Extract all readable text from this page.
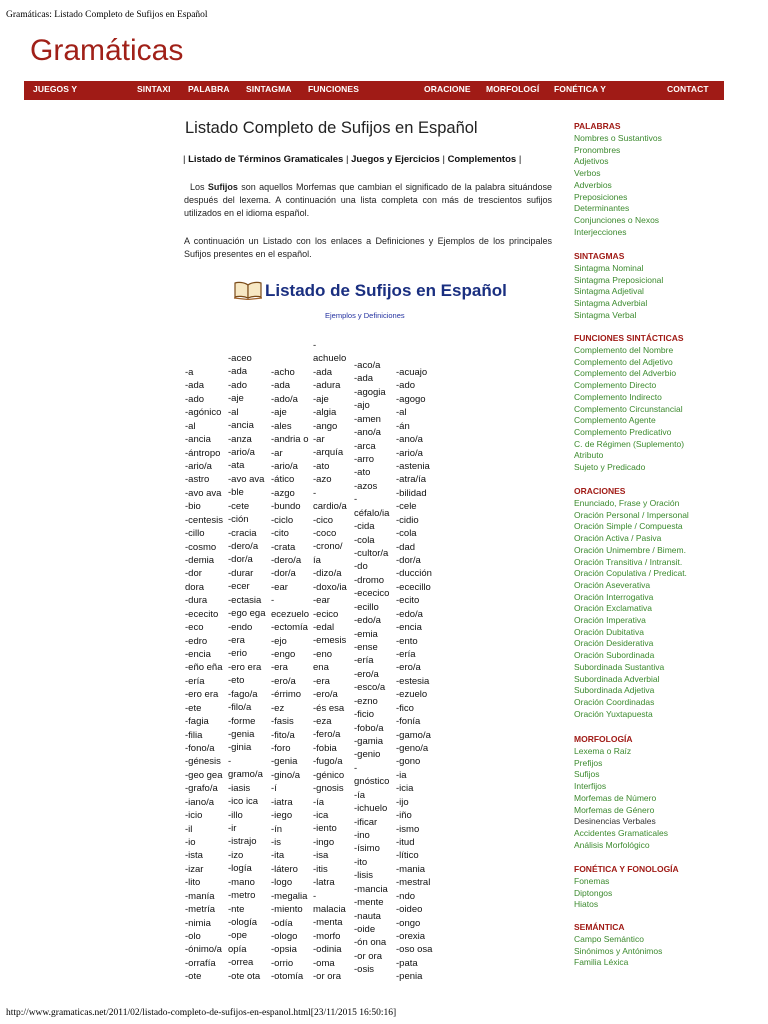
Gramáticas: Listado Completo de Sufijos en Español
Gramáticas
JUEGOS Y	SINTAXI PALABRA SINTAGMA FUNCIONES	ORACIONE MORFOLOGÍ FONÉTICA Y	CONTACT
Listado Completo de Sufijos en Español
| Listado de Términos Gramaticales | Juegos y Ejercicios | Complementos |
Los Sufijos son aquellos Morfemas que cambian el significado de la palabra situándose después del lexema. A continuación una lista completa con más de trescientos sufijos utilizados en el idioma español.
A continuación un Listado con los enlaces a Definiciones y Ejemplos de los principales Sufijos presentes en el español.
Listado de Sufijos en Español
Ejemplos y Definiciones
-a
-ada
-ado
-agónico
-al
-ancia
-ántropo
-ario/a
-astro
-avo ava
-bio
-centesis
-cillo
-cosmo
-demia
-dor
dora
-dura
-ececito
-eco
-edro
-encia
-eño eña
-ería
-ero era
-ete
-fagia
-filia
-fono/a
-génesis
-geo gea
-grafo/a
-iano/a
-icio
-il
-io
-ista
-izar
-lito
-manía
-metría
-nimia
-olo
-ónimo/a
-orrafía
-ote
-aceo
-ada
-ado
-aje
-al
-ancia
-anza
-ario/a
-ata
-avo ava
-ble
-cete
-ción
-cracia
-dero/a
-dor/a
-durar
-ecer
-ectasia
-ego ega
-endo
-era
-erio
-ero era
-eto
-fago/a
-filo/a
-forme
-genia
-ginia
-
gramo/a
-iasis
-ico ica
-illo
-ir
-istrajo
-izo
-logía
-mano
-metro
-nte
-ología
-ope
opía
-orrea
-ote ota
-acho
-ada
-ado/a
-aje
-ales
-andria o
-ar
-ario/a
-ático
-azgo
-bundo
-ciclo
-cito
-crata
-dero/a
-dor/a
-ear
-
ecezuelo
-ectomía
-ejo
-engo
-era
-ero/a
-érrimo
-ez
-fasis
-fito/a
-foro
-genia
-gino/a
-í
-iatra
-iego
-ín
-is
-ita
-látero
-logo
-megalia
-miento
-odía
-ologo
-opsia
-orrio
-otomía
-
achuelo
-ada
-adura
-aje
-algia
-ango
-ar
-arquía
-ato
-azo
-
cardio/a
-cico
-coco
-crono/
ía
-dizo/a
-doxo/ia
-ear
-ecico
-edal
-emesis
-eno
ena
-era
-ero/a
-és esa
-eza
-fero/a
-fobia
-fugo/a
-génico
-gnosis
-ía
-ica
-iento
-ingo
-isa
-itis
-latra
-
malacia
-menta
-morfo
-odinia
-oma
-or ora
-aco/a
-ada
-agogia
-ajo
-amen
-ano/a
-arca
-arro
-ato
-azos
-
céfalo/ia
-cida
-cola
-cultor/a
-do
-dromo
-ececico
-ecillo
-edo/a
-emia
-ense
-ería
-ero/a
-esco/a
-ezno
-ficio
-fobo/a
-gamia
-genio
-
gnóstico
-ía
-ichuelo
-ificar
-ino
-ísimo
-ito
-lisis
-mancia
-mente
-nauta
-oide
-ón ona
-or ora
-osis
-acuajo
-ado
-agogo
-al
-án
-ano/a
-ario/a
-astenia
-atra/ía
-bilidad
-cele
-cidio
-cola
-dad
-dor/a
-ducción
-ececillo
-ecito
-edo/a
-encia
-ento
-ería
-ero/a
-estesia
-ezuelo
-fico
-fonía
-gamo/a
-geno/a
-gono
-ia
-icia
-ijo
-iño
-ismo
-itud
-lítico
-mania
-mestral
-ndo
-oideo
-ongo
-orexia
-oso osa
-pata
-penia
PALABRAS
Nombres o Sustantivos
Pronombres
Adjetivos
Verbos
Adverbios
Preposiciones
Determinantes
Conjunciones o Nexos
Interjecciones
SINTAGMAS
Sintagma Nominal
Sintagma Preposicional
Sintagma Adjetival
Sintagma Adverbial
Sintagma Verbal
FUNCIONES SINTÁCTICAS
Complemento del Nombre
Complemento del Adjetivo
Complemento del Adverbio
Complemento Directo
Complemento Indirecto
Complemento Circunstancial
Complemento Agente
Complemento Predicativo
C. de Régimen (Suplemento)
Atributo
Sujeto y Predicado
ORACIONES
Enunciado, Frase y Oración
Oración Personal / Impersonal
Oración Simple / Compuesta
Oración Activa / Pasiva
Oración Unimembre / Bimem.
Oración Transitiva / Intransit.
Oración Copulativa / Predicat.
Oración Aseverativa
Oración Interrogativa
Oración Exclamativa
Oración Imperativa
Oración Dubitativa
Oración Desiderativa
Oración Subordinada
Subordinada Sustantiva
Subordinada Adverbial
Subordinada Adjetiva
Oración Coordinadas
Oración Yuxtapuesta
MORFOLOGÍA
Lexema o Raíz
Prefijos
Sufijos
Interfijos
Morfemas de Número
Morfemas de Género
Desinencias Verbales
Accidentes Gramaticales
Análisis Morfológico
FONÉTICA Y FONOLOGÍA
Fonemas
Diptongos
Hiatos
SEMÁNTICA
Campo Semántico
Sinónimos y Antónimos
Familia Léxica
http://www.gramaticas.net/2011/02/listado-completo-de-sufijos-en-espanol.html[23/11/2015 16:50:16]
